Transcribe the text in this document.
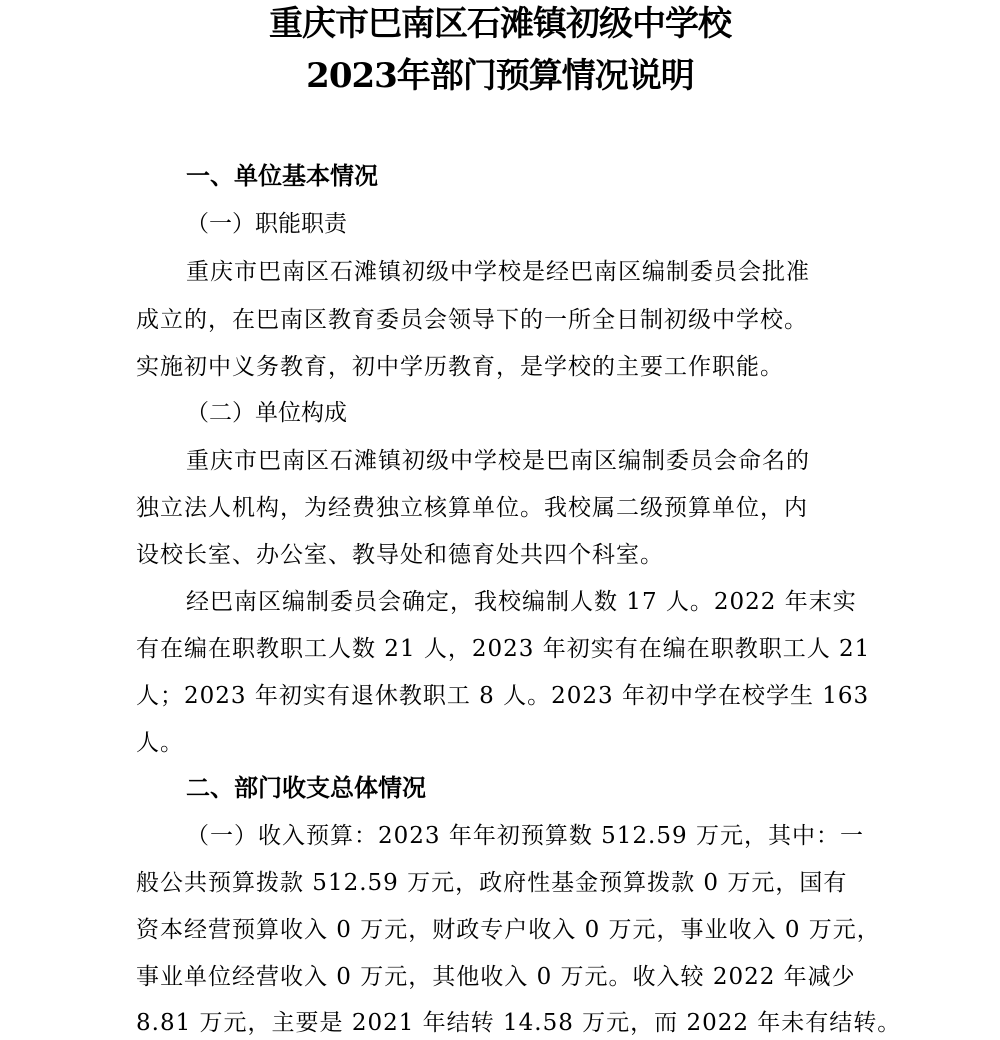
重庆市巴南区石滩镇初级中学校
2023年部门预算情况说明
一、单位基本情况
（一）职能职责
重庆市巴南区石滩镇初级中学校是经巴南区编制委员会批准
成立的，在巴南区教育委员会领导下的一所全日制初级中学校。
实施初中义务教育，初中学历教育，是学校的主要工作职能。
（二）单位构成
重庆市巴南区石滩镇初级中学校是巴南区编制委员会命名的
独立法人机构，为经费独立核算单位。我校属二级预算单位，内
设校长室、办公室、教导处和德育处共四个科室。
经巴南区编制委员会确定，我校编制人数 17 人。2022 年末实
有在编在职教职工人数 21 人，2023 年初实有在编在职教职工人 21
人；2023 年初实有退休教职工 8 人。2023 年初中学在校学生 163
人。
二、部门收支总体情况
（一）收入预算：2023 年年初预算数 512.59 万元，其中：一
般公共预算拨款 512.59 万元，政府性基金预算拨款 0 万元，国有
资本经营预算收入 0 万元，财政专户收入 0 万元，事业收入 0 万元，
事业单位经营收入 0 万元，其他收入 0 万元。收入较 2022 年减少
8.81 万元，主要是 2021 年结转 14.58 万元，而 2022 年未有结转。
